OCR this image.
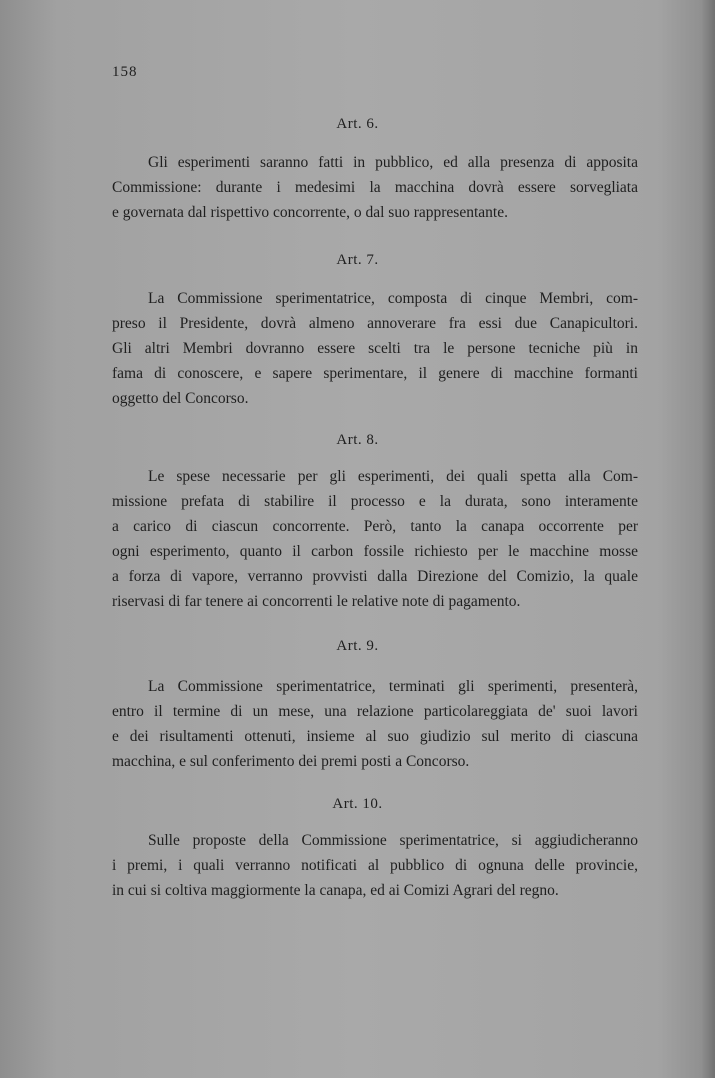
158

Art. 6.

Gli esperimenti saranno fatti in pubblico, ed alla presenza di apposita
Commissione: durante i medesimi la macchina dovrà essere sorvegliata
e governata dal rispettivo concorrente, o dal suo rappresentante.

Art. 7.

La Commissione sperimentatrice, composta di cinque Membri, com-
preso il Presidente, dovrà almeno annoverare fra essi due Canapicultori.
Gli altri Membri dovranno essere scelti tra le persone tecniche più in
fama di conoscere, e sapere sperimentare, il genere di macchine formanti
oggetto del Concorso.

Art. 8.

Le spese necessarie per gli esperimenti, dei quali spetta alla Com-
missione prefata di stabilire il processo e la durata, sono interamente
a carico di ciascun concorrente. Però, tanto la canapa occorrente per
ogni esperimento, quanto il carbon fossile richiesto per le macchine mosse
a forza di vapore, verranno provvisti dalla Direzione del Comizio, la quale
riservasi di far tenere ai concorrenti le relative note di pagamento.

Art. 9.

La Commissione sperimentatrice, terminati gli sperimenti, presenterà,
entro il termine di un mese, una relazione particolareggiata de' suoi lavori
e dei risultamenti ottenuti, insieme al suo giudizio sul merito di ciascuna
macchina, e sul conferimento dei premi posti a Concorso.

Art. 10.

Sulle proposte della Commissione sperimentatrice, si aggiudicheranno
i premi, i quali verranno notificati al pubblico di ognuna delle provincie,
in cui si coltiva maggiormente la canapa, ed ai Comizi Agrari del regno.
